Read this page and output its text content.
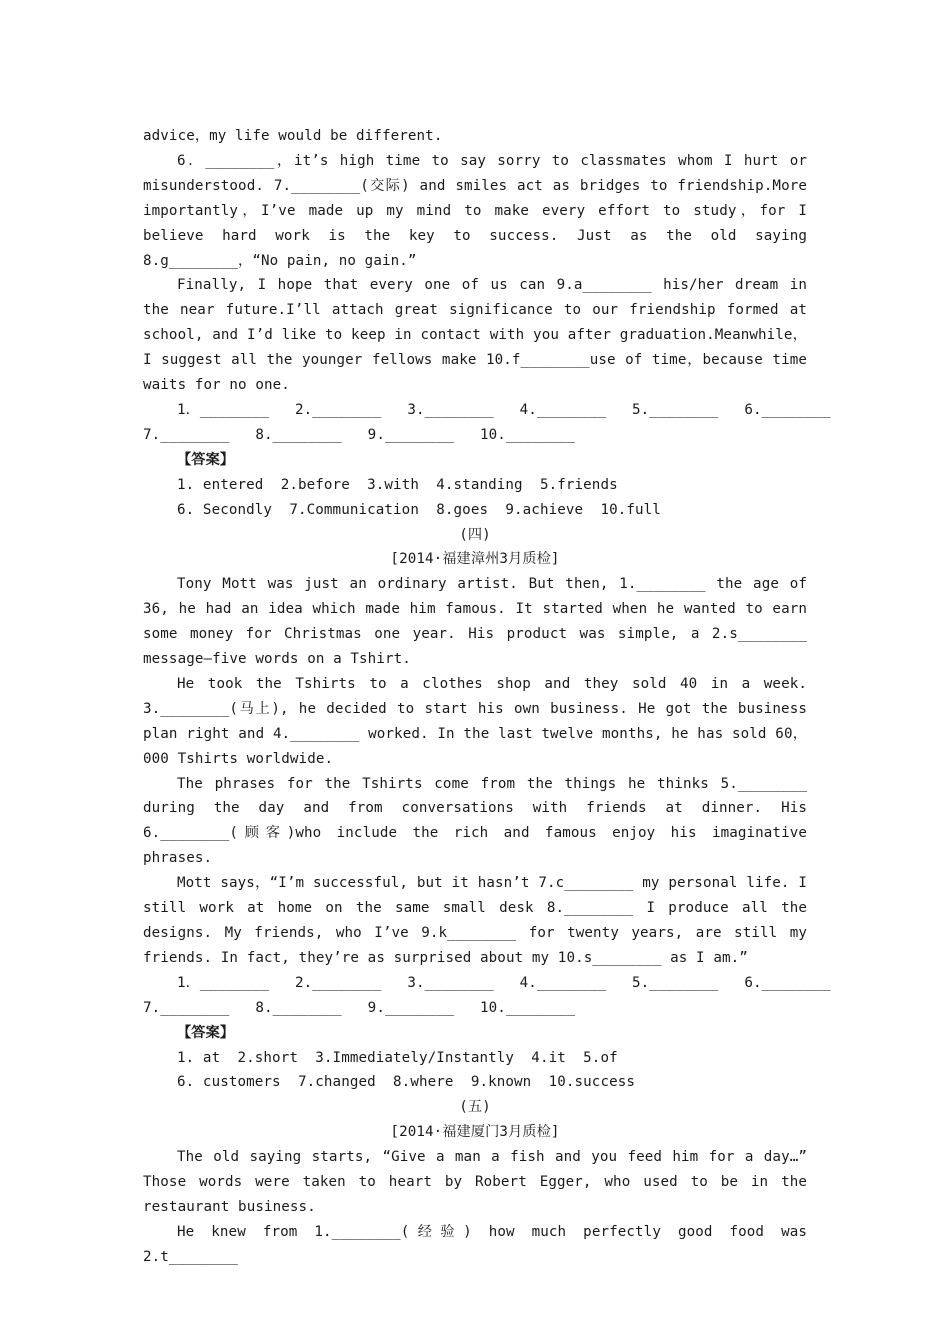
advice，my life would be different.

6．________，it’s high time to say sorry to classmates whom I hurt or misunderstood. 7.________(交际) and smiles act as bridges to friendship.More importantly，I’ve made up my mind to make every effort to study，for I believe hard work is the key to success. Just as the old saying 8.g________，“No pain, no gain.”

Finally, I hope that every one of us can 9.a________ his/her dream in the near future.I’ll attach great significance to our friendship formed at school, and I’d like to keep in contact with you after graduation.Meanwhile，I suggest all the younger fellows make 10.f________use of time，because time waits for no one.

1．________   2.________   3.________   4.________   5.________   6.________

7.________   8.________   9.________   10.________

【答案】

1. entered  2.before  3.with  4.standing  5.friends

6. Secondly  7.Communication  8.goes  9.achieve  10.full

(四)

[2014·福建漳州3月质检]

Tony Mott was just an ordinary artist. But then, 1.________ the age of 36, he had an idea which made him famous. It started when he wanted to earn some money for Christmas one year. His product was simple, a 2.s________ message—five words on a Tshirt.

He took the Tshirts to a clothes shop and they sold 40 in a week. 3.________(马上), he decided to start his own business. He got the business plan right and 4.________ worked. In the last twelve months, he has sold 60，000 Tshirts worldwide.

The phrases for the Tshirts come from the things he thinks 5.________ during the day and from conversations with friends at dinner. His 6.________(顾客)who include the rich and famous enjoy his imaginative phrases.

Mott says，“I’m successful, but it hasn’t 7.c________ my personal life. I still work at home on the same small desk 8.________ I produce all the designs. My friends, who I’ve 9.k________ for twenty years, are still my friends. In fact, they’re as surprised about my 10.s________ as I am.”

1．________   2.________   3.________   4.________   5.________   6.________

7.________   8.________   9.________   10.________

【答案】

1. at  2.short  3.Immediately/Instantly  4.it  5.of

6. customers  7.changed  8.where  9.known  10.success

(五)

[2014·福建厦门3月质检]

The old saying starts, “Give a man a fish and you feed him for a day…” Those words were taken to heart by Robert Egger, who used to be in the restaurant business.

He knew from 1.________(经验) how much perfectly good food was 2.t________
